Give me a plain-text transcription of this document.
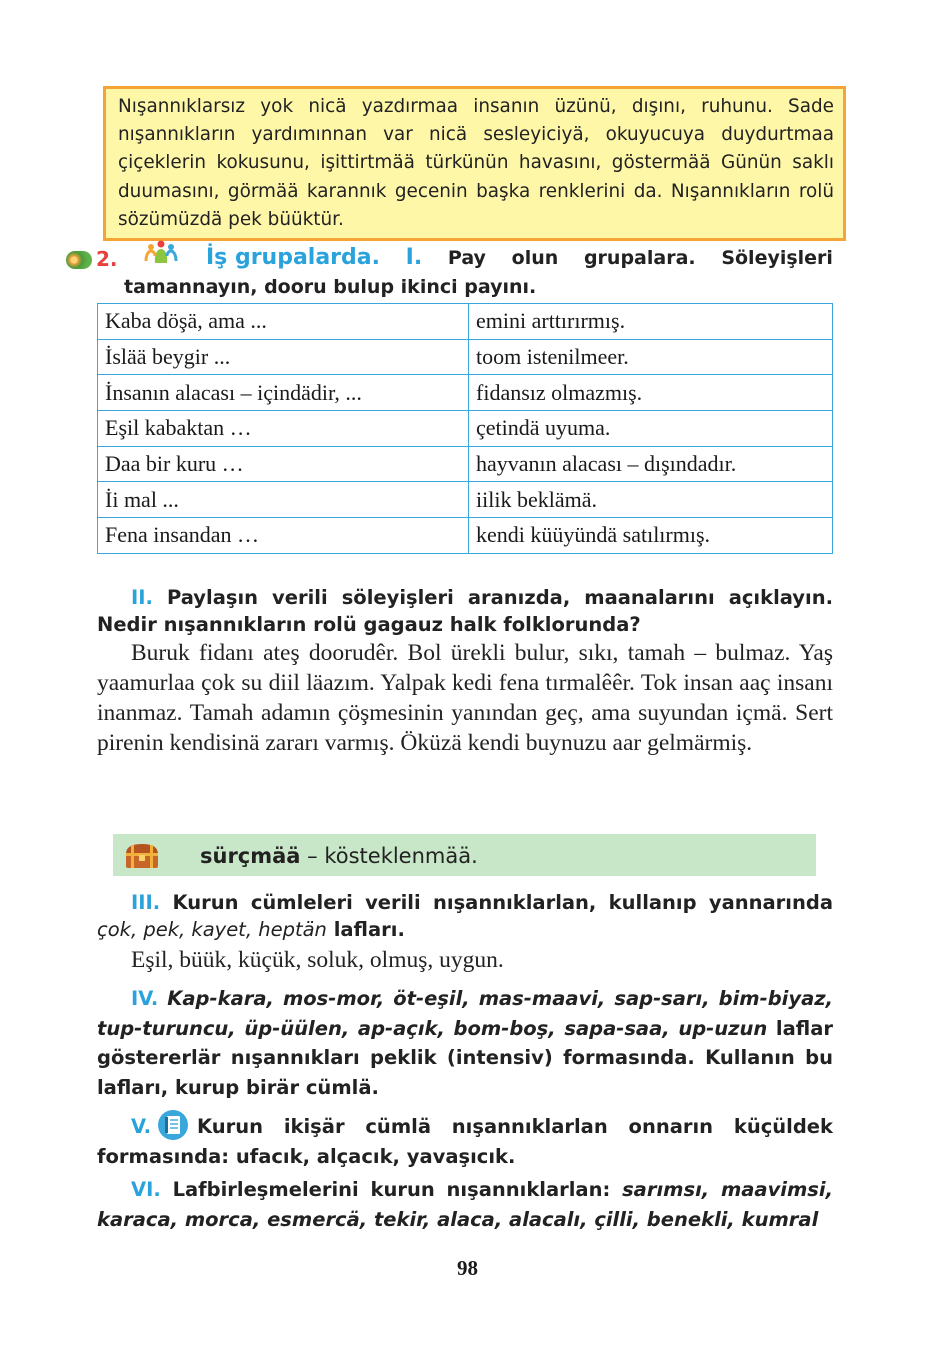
Nışannıklarsız yok nicä yazdırmaa insanın üzünü, dışını, ruhunu. Sade nışannıkların yardımınnan var nicä sesleyiciyä, okuyucuya duydurtmaa çiçeklerin kokusunu, işittirtmää türkünün havasını, göstermää Günün saklı duumasını, görmää karannık gecenin başka renklerini da. Nışannıkların rolü sözümüzdä pek büüktür.
2.	İş grupalarda. I. Pay olun grupalara. Söleyişleri
tamannayın, dooru bulup ikinci payını.
Kaba döşä, ama ...	emini arttırırmış.
İslää beygir ...	toom istenilmeer.
İnsanın alacası – içindädir, ...	fidansız olmazmış.
Eşil kabaktan …	çetindä uyuma.
Daa bir kuru …	hayvanın alacası – dışındadır.
İi mal ...	iilik beklämä.
Fena insandan …	kendi küüyündä satılırmış.
II. Paylaşın verili söleyişleri aranızda, maanalarını açıklayın. Nedir nışannıkların rolü gagauz halk folklorunda?
Buruk fidanı ateş doorudêr. Bol ürekli bulur, sıkı, tamah – bulmaz. Yaş yaamurlaa çok su diil läazım. Yalpak kedi fena tırmalêêr. Tok insan aaç insanı inanmaz. Tamah adamın çöşmesinin yanından geç, ama suyundan içmä. Sert pirenin kendisinä zararı varmış. Öküzä kendi buynuzu aar gelmärmiş.
sürçmää – kösteklenmää.
III. Kurun cümleleri verili nışannıklarlan, kullanıp yannarında çok, pek, kayet, heptän lafları.
Eşil, büük, küçük, soluk, olmuş, uygun.
IV. Kap-kara, mos-mor, öt-eşil, mas-maavi, sap-sarı, bim-biyaz, tup-turuncu, üp-üülen, ap-açık, bom-boş, sapa-saa, up-uzun laflar göstererlär nışannıkları peklik (intensiv) formasında. Kullanın bu lafları, kurup birär cümlä.
V. Kurun ikişär cümlä nışannıklarlan onnarın küçüldek formasında: ufacık, alçacık, yavaşıcık.
VI. Lafbirleşmelerini kurun nışannıklarlan: sarımsı, maavimsi, karaca, morca, esmercä, tekir, alaca, alacalı, çilli, benekli, kumral
98
